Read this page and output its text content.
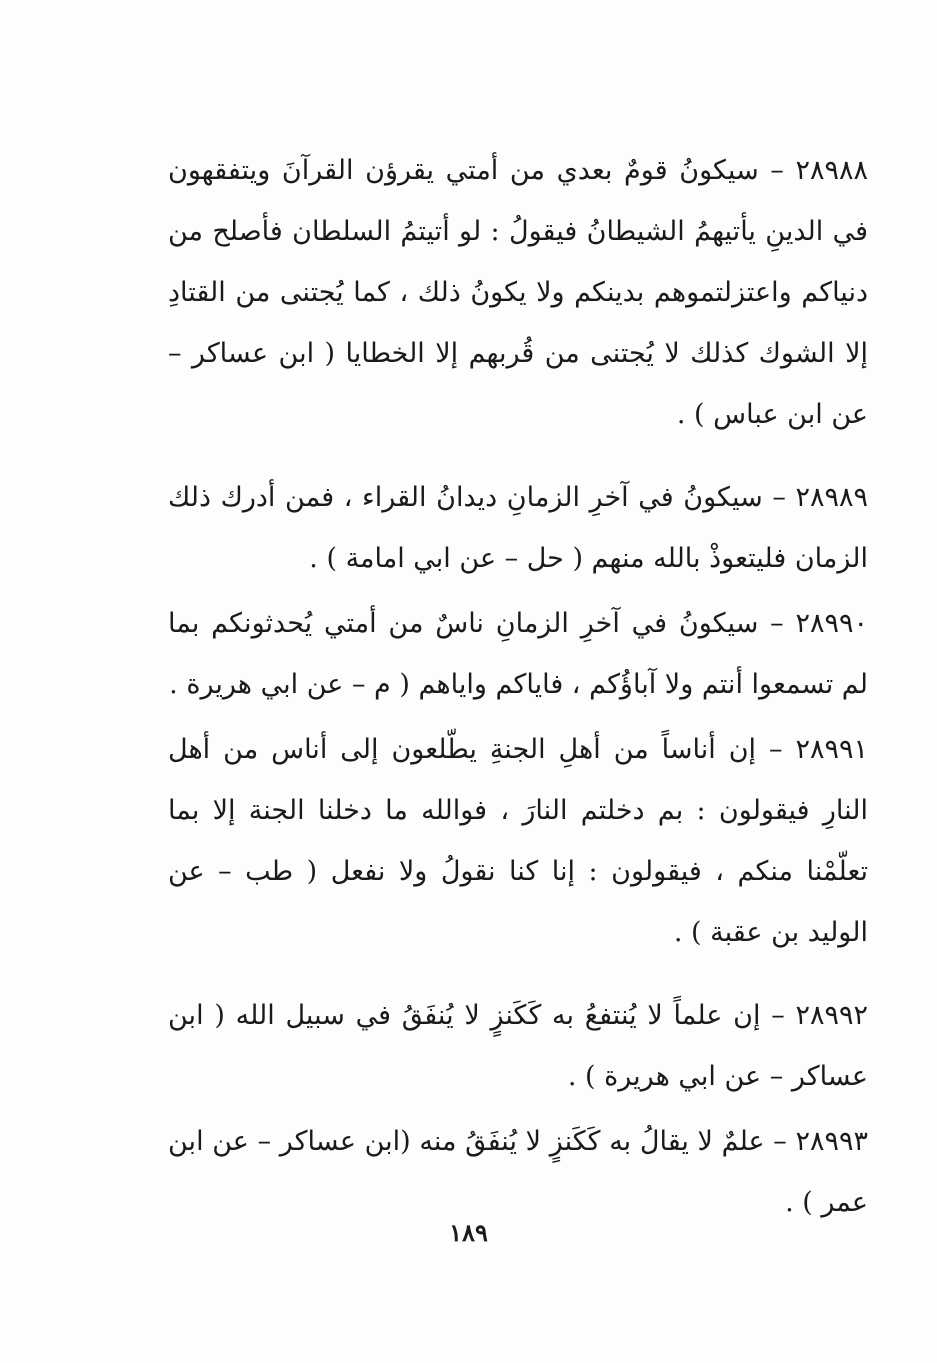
٢٨٩٨٨ – سيكونُ قومٌ بعدي من أمتي يقرؤن القرآنَ ويتفقهون في الدينِ يأتيهمُ الشيطانُ فيقولُ : لو أتيتمُ السلطان فأصلح من دنياكم واعتزلتموهم بدينكم ولا يكونُ ذلك ، كما يُجتنى من القتادِ إلا الشوك كذلك لا يُجتنى من قُربهم إلا الخطايا ( ابن عساكر – عن ابن عباس ) .

٢٨٩٨٩ – سيكونُ في آخرِ الزمانِ ديدانُ القراء ، فمن أدرك ذلك الزمان فليتعوذْ بالله منهم ( حل – عن ابي امامة ) .

٢٨٩٩٠ – سيكونُ في آخرِ الزمانِ ناسٌ من أمتي يُحدثونكم بما لم تسمعوا أنتم ولا آباؤُكم ، فاياكم واياهم ( م – عن ابي هريرة .

٢٨٩٩١ – إن أناساً من أهلِ الجنةِ يطّلعون إلى أناس من أهل النارِ فيقولون : بم دخلتم النارَ ، فوالله ما دخلنا الجنة إلا بما تعلّمْنا منكم ، فيقولون : إنا كنا نقولُ ولا نفعل ( طب – عن الوليد بن عقبة ) .

٢٨٩٩٢ – إن علماً لا يُنتفعُ به كَكَنزٍ لا يُنفَقُ في سبيل الله ( ابن عساكر – عن ابي هريرة ) .

٢٨٩٩٣ – علمٌ لا يقالُ به كَكَنزٍ لا يُنفَقُ منه (ابن عساكر – عن ابن عمر ) .

١٨٩
